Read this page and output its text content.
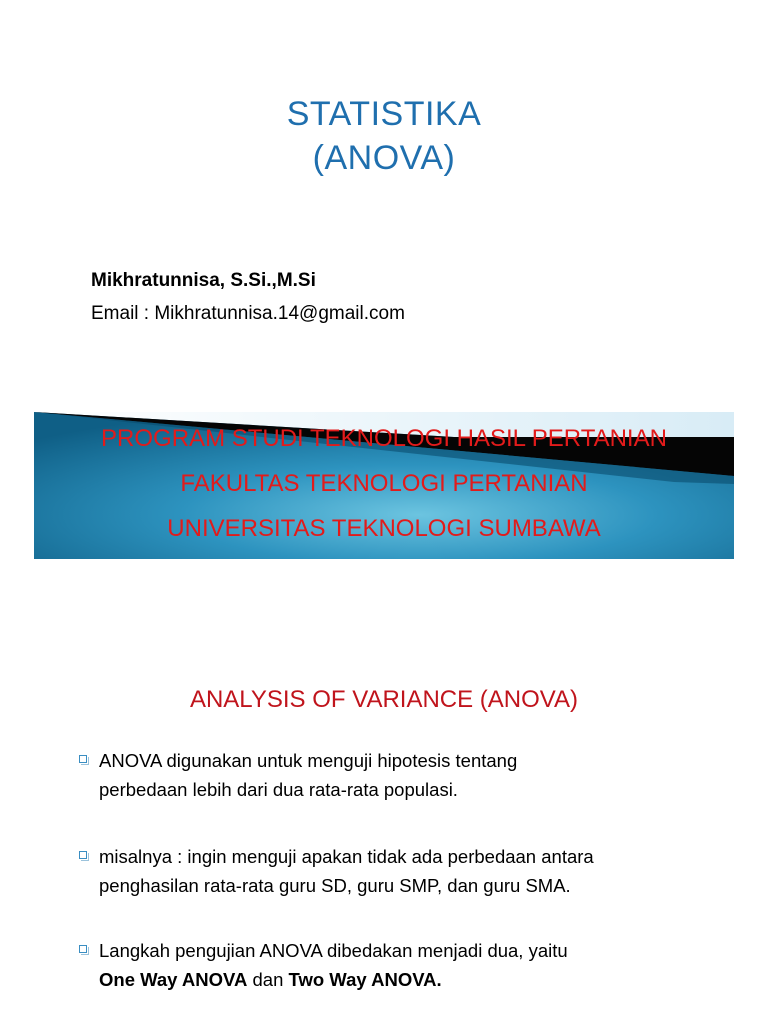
STATISTIKA
(ANOVA)
Mikhratunnisa, S.Si.,M.Si
Email : Mikhratunnisa.14@gmail.com
PROGRAM STUDI TEKNOLOGI HASIL PERTANIAN
FAKULTAS TEKNOLOGI PERTANIAN
UNIVERSITAS TEKNOLOGI SUMBAWA
ANALYSIS OF VARIANCE (ANOVA)
ANOVA digunakan untuk menguji hipotesis tentang
perbedaan lebih dari dua rata-rata populasi.
misalnya : ingin menguji apakan tidak ada perbedaan antara
penghasilan rata-rata guru SD, guru SMP, dan guru SMA.
Langkah pengujian ANOVA dibedakan menjadi dua, yaitu
One Way ANOVA dan Two Way ANOVA.
